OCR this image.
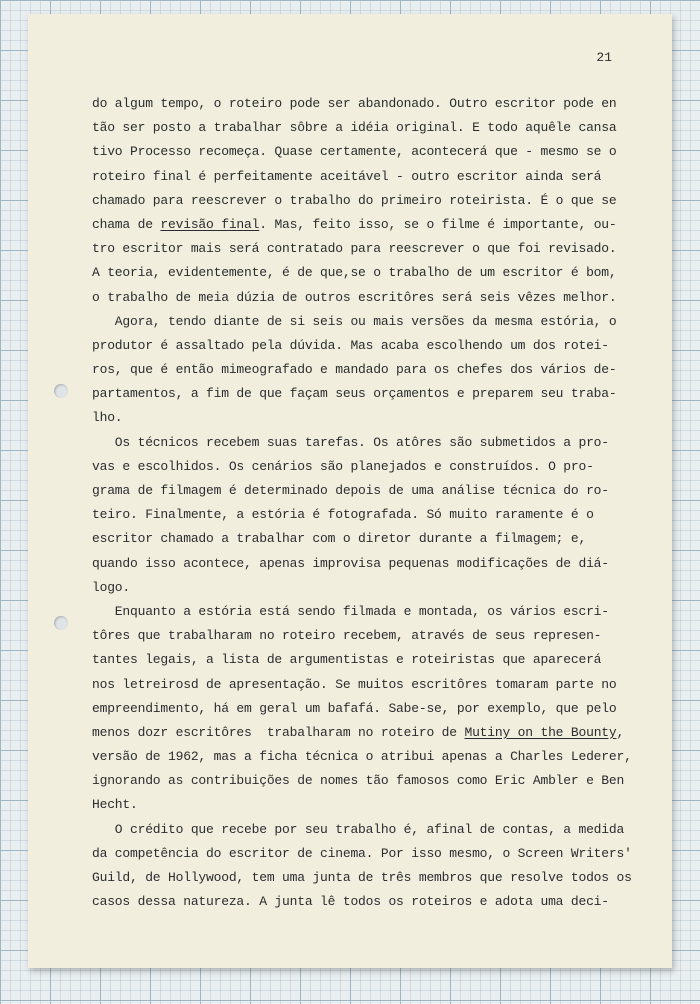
21
do algum tempo, o roteiro pode ser abandonado. Outro escritor pode en
tão ser posto a trabalhar sôbre a idéia original. E todo aquêle cansa
tivo Processo recomeça. Quase certamente, acontecerá que - mesmo se o
roteiro final é perfeitamente aceitável - outro escritor ainda será
chamado para reescrever o trabalho do primeiro roteirista. É o que se
chama de revisão final. Mas, feito isso, se o filme é importante, ou-
tro escritor mais será contratado para reescrever o que foi revisado.
A teoria, evidentemente, é de que,se o trabalho de um escritor é bom,
o trabalho de meia dúzia de outros escritôres será seis vêzes melhor.
Agora, tendo diante de si seis ou mais versões da mesma estória, o
produtor é assaltado pela dúvida. Mas acaba escolhendo um dos rotei-
ros, que é então mimeografado e mandado para os chefes dos vários de-
partamentos, a fim de que façam seus orçamentos e preparem seu traba-
lho.
Os técnicos recebem suas tarefas. Os atôres são submetidos a pro-
vas e escolhidos. Os cenários são planejados e construídos. O pro-
grama de filmagem é determinado depois de uma análise técnica do ro-
teiro. Finalmente, a estória é fotografada. Só muito raramente é o
escritor chamado a trabalhar com o diretor durante a filmagem; e,
quando isso acontece, apenas improvisa pequenas modificações de diá-
logo.
Enquanto a estória está sendo filmada e montada, os vários escri-
tôres que trabalharam no roteiro recebem, através de seus represen-
tantes legais, a lista de argumentistas e roteiristas que aparecerá
nos letreirosd de apresentação. Se muitos escritôres tomaram parte no
empreendimento, há em geral um bafafá. Sabe-se, por exemplo, que pelo
menos dozr escritôres  trabalharam no roteiro de Mutiny on the Bounty,
versão de 1962, mas a ficha técnica o atribui apenas a Charles Lederer,
ignorando as contribuições de nomes tão famosos como Eric Ambler e Ben
Hecht.
O crédito que recebe por seu trabalho é, afinal de contas, a medida
da competência do escritor de cinema. Por isso mesmo, o Screen Writers'
Guild, de Hollywood, tem uma junta de três membros que resolve todos os
casos dessa natureza. A junta lê todos os roteiros e adota uma deci-
